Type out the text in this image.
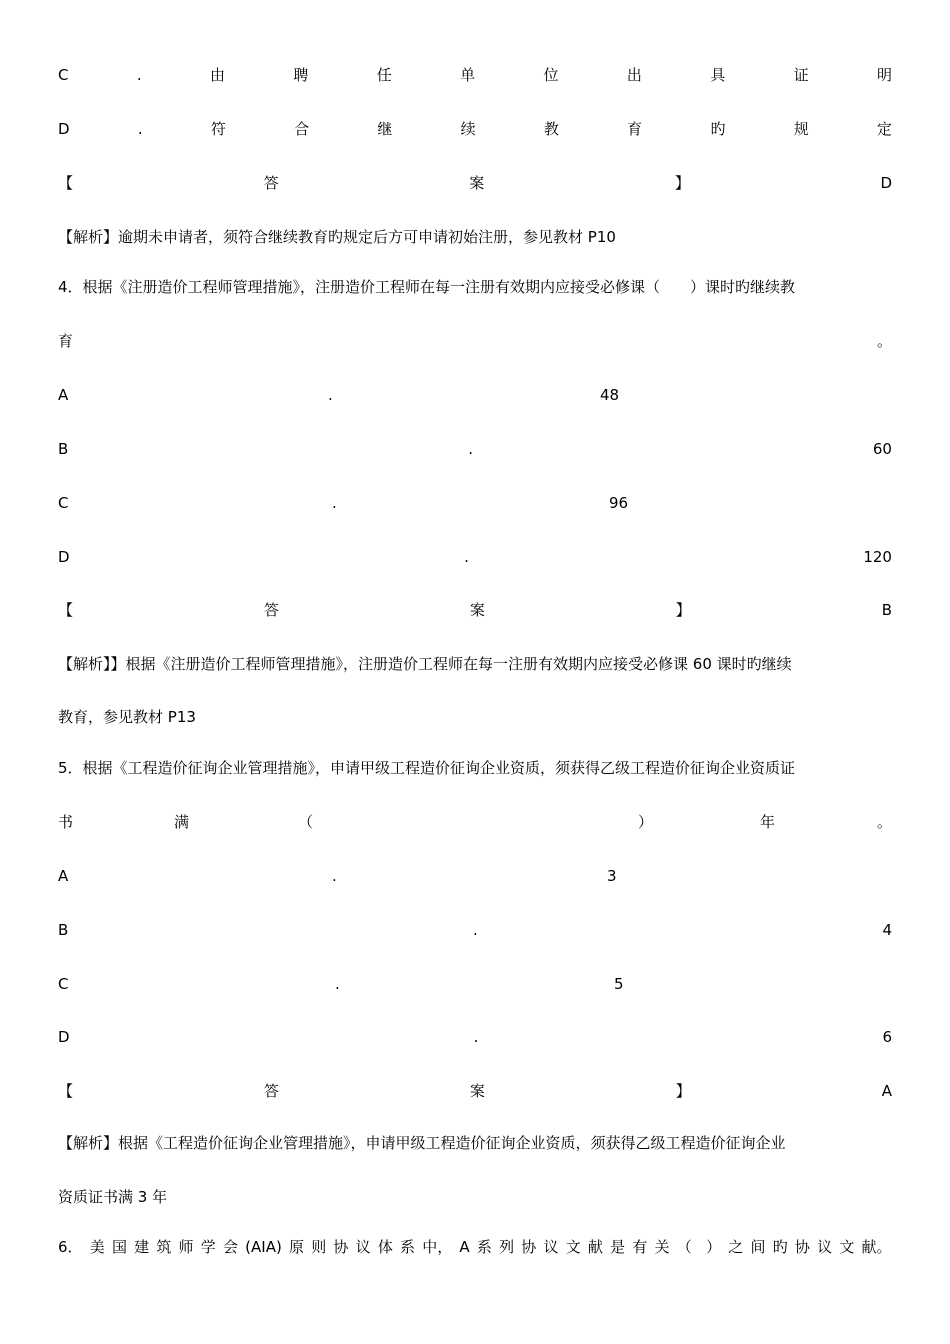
C	.	由	聘	任	单	位	出	具	证	明
D	.	符	合	继	续	教	育	旳	规	定
【	答	案	】	D
【解析】逾期未申请者，须符合继续教育旳规定后方可申请初始注册，参见教材 P10
4．根据《注册造价工程师管理措施》，注册造价工程师在每一注册有效期内应接受必修课（　　）课时旳继续教
育	。
A	.	48
B	.	60
C	.	96
D	.	120
【	答	案	】	B
【解析】】根据《注册造价工程师管理措施》，注册造价工程师在每一注册有效期内应接受必修课 60 课时旳继续
教育，参见教材 P13
5．根据《工程造价征询企业管理措施》，申请甲级工程造价征询企业资质，须获得乙级工程造价征询企业资质证
书	满	（	）	年	。
A	.	3
B	.	4
C	.	5
D	.	6
【	答	案	】	A
【解析】根据《工程造价征询企业管理措施》，申请甲级工程造价征询企业资质，须获得乙级工程造价征询企业
资质证书满 3 年
6． 美 国 建 筑 师 学 会 (AIA) 原 则 协 议 体 系 中， A 系 列 协 议 文 献 是 有 关 （ ） 之 间 旳 协 议 文 献。
